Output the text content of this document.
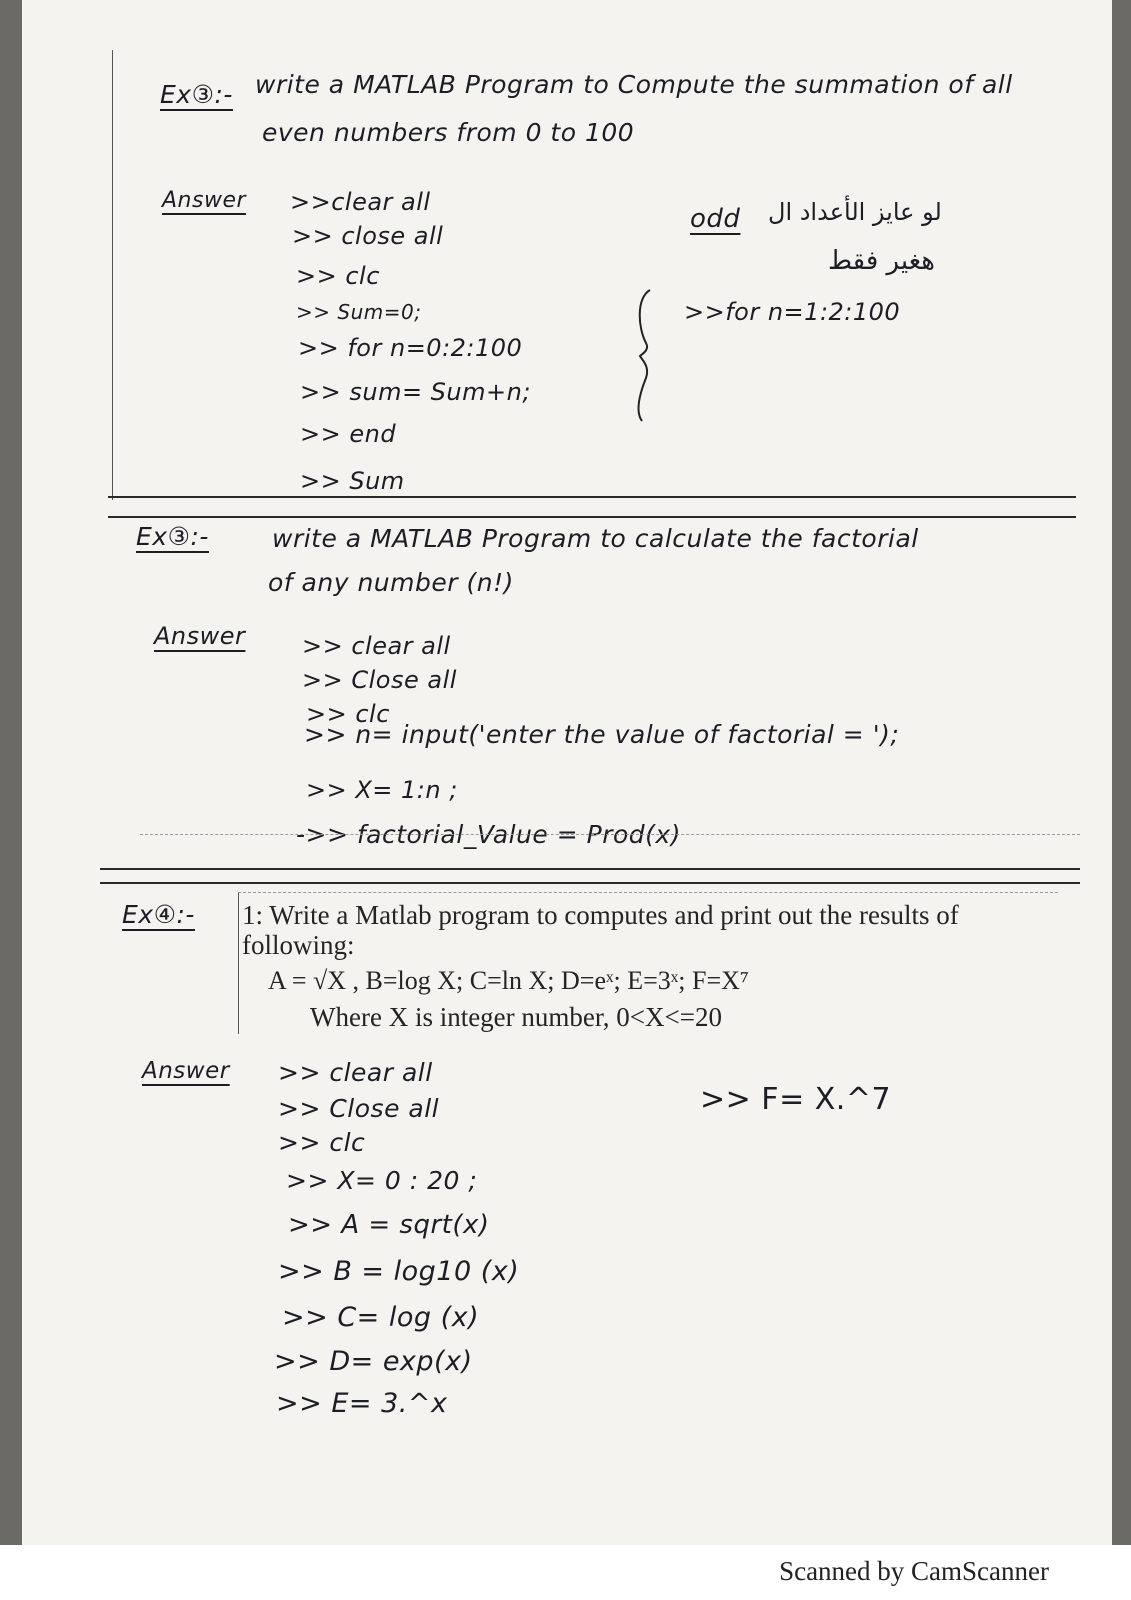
Ex③:- write a MATLAB Program to Compute the summation of all
even numbers from 0 to 100
Answer >>clear all
>> close all
>> clc
>> Sum=0;
>> for n=0:2:100
>> sum= Sum+n;
>> end
>> Sum
odd لو عايز الأعداد ال
هغير فقط
>>for n=1:2:100
Ex③:-	write a MATLAB Program to calculate the factorial
of any number (n!)
Answer >> clear all
>> Close all
>> clc
>> n= input('enter the value of factorial = ');
>> X= 1:n ;
->> factorial_Value = Prod(x)
Ex④:- 1: Write a Matlab program to computes and print out the results of
following:
A = √X , B=log X; C=ln X; D=eˣ; E=3ˣ; F=X⁷
Where X is integer number, 0<X<=20
Answer >> clear all
>> Close all
>> clc
>> X= 0 : 20 ;
>> A = sqrt(x)
>> B = log10 (x)
>> C= log (x)
>> D= exp(x)
>> E= 3.^x
>> F= X.^7
Scanned by CamScanner
